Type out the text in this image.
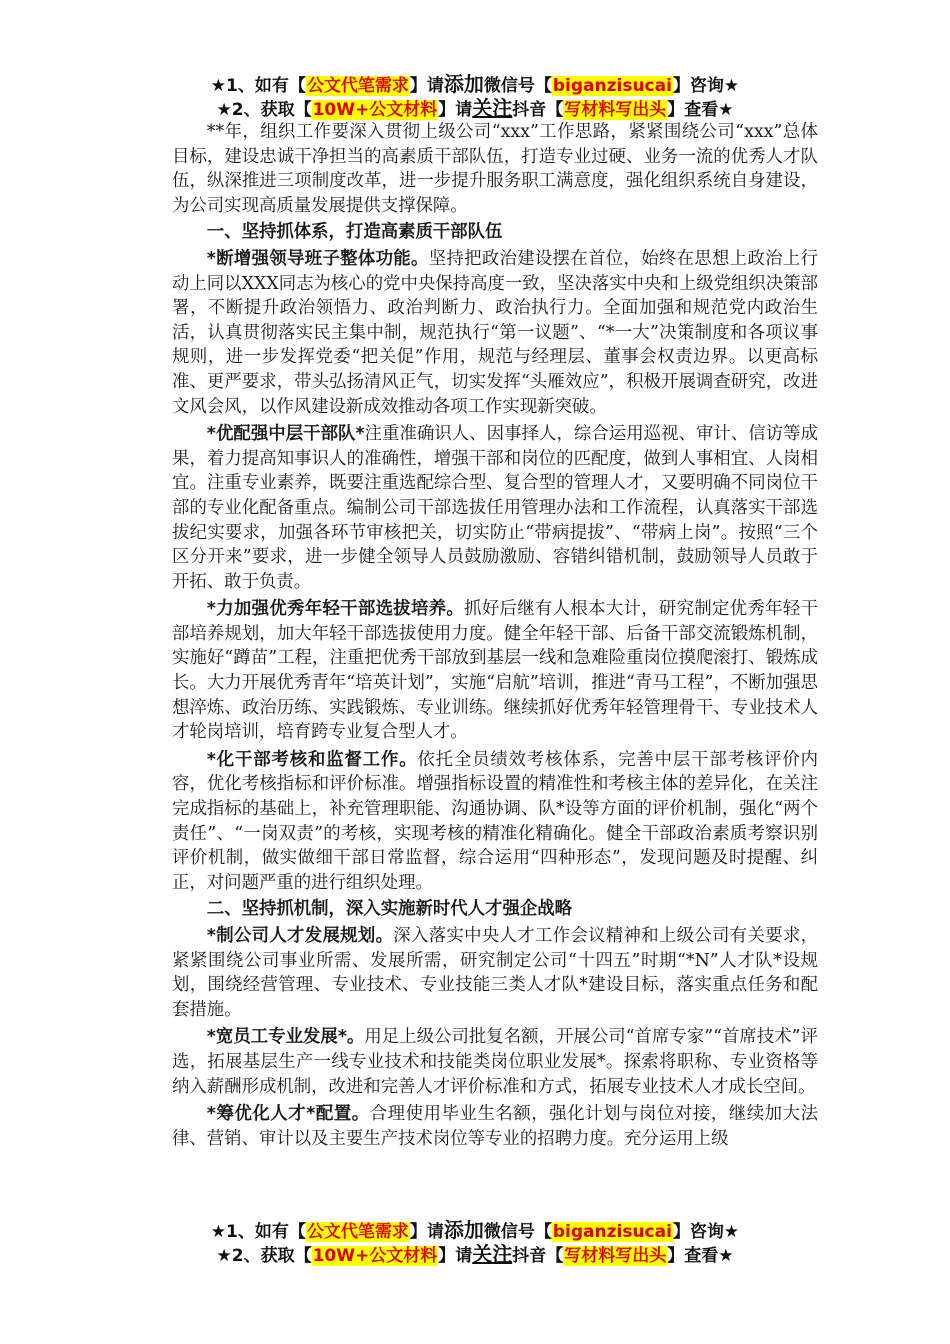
★1、如有【公文代笔需求】请添加微信号【biganzisucai】咨询★
★2、获取【10W+公文材料】请关注抖音【写材料写出头】查看★

**年，组织工作要深入贯彻上级公司“xxx”工作思路，紧紧围绕公司“xxx”总体目标，建设忠诚干净担当的高素质干部队伍，打造专业过硬、业务一流的优秀人才队伍，纵深推进三项制度改革，进一步提升服务职工满意度，强化组织系统自身建设，为公司实现高质量发展提供支撑保障。

一、坚持抓体系，打造高素质干部队伍

*断增强领导班子整体功能。坚持把政治建设摆在首位，始终在思想上政治上行动上同以XXX同志为核心的党中央保持高度一致，坚决落实中央和上级党组织决策部署，不断提升政治领悟力、政治判断力、政治执行力。全面加强和规范党内政治生活，认真贯彻落实民主集中制，规范执行“第一议题”、“*一大”决策制度和各项议事规则，进一步发挥党委“把关促”作用，规范与经理层、董事会权责边界。以更高标准、更严要求，带头弘扬清风正气，切实发挥“头雁效应”，积极开展调查研究，改进文风会风，以作风建设新成效推动各项工作实现新突破。

*优配强中层干部队*注重准确识人、因事择人，综合运用巡视、审计、信访等成果，着力提高知事识人的准确性，增强干部和岗位的匹配度，做到人事相宜、人岗相宜。注重专业素养，既要注重选配综合型、复合型的管理人才，又要明确不同岗位干部的专业化配备重点。编制公司干部选拔任用管理办法和工作流程，认真落实干部选拔纪实要求，加强各环节审核把关，切实防止“带病提拔”、“带病上岗”。按照“三个区分开来”要求，进一步健全领导人员鼓励激励、容错纠错机制，鼓励领导人员敢于开拓、敢于负责。

*力加强优秀年轻干部选拔培养。抓好后继有人根本大计，研究制定优秀年轻干部培养规划，加大年轻干部选拔使用力度。健全年轻干部、后备干部交流锻炼机制，实施好“蹲苗”工程，注重把优秀干部放到基层一线和急难险重岗位摸爬滚打、锻炼成长。大力开展优秀青年“培英计划”，实施“启航”培训，推进“青马工程”，不断加强思想淬炼、政治历练、实践锻炼、专业训练。继续抓好优秀年轻管理骨干、专业技术人才轮岗培训，培育跨专业复合型人才。

*化干部考核和监督工作。依托全员绩效考核体系，完善中层干部考核评价内容，优化考核指标和评价标准。增强指标设置的精准性和考核主体的差异化，在关注完成指标的基础上，补充管理职能、沟通协调、队*设等方面的评价机制，强化“两个责任”、“一岗双责”的考核，实现考核的精准化精确化。健全干部政治素质考察识别评价机制，做实做细干部日常监督，综合运用“四种形态”，发现问题及时提醒、纠正，对问题严重的进行组织处理。

二、坚持抓机制，深入实施新时代人才强企战略

*制公司人才发展规划。深入落实中央人才工作会议精神和上级公司有关要求，紧紧围绕公司事业所需、发展所需，研究制定公司“十四五”时期“*N”人才队*设规划，围绕经营管理、专业技术、专业技能三类人才队*建设目标，落实重点任务和配套措施。

*宽员工专业发展*。用足上级公司批复名额，开展公司“首席专家”“首席技术”评选，拓展基层生产一线专业技术和技能类岗位职业发展*。探索将职称、专业资格等纳入薪酬形成机制，改进和完善人才评价标准和方式，拓展专业技术人才成长空间。

*筹优化人才*配置。合理使用毕业生名额，强化计划与岗位对接，继续加大法律、营销、审计以及主要生产技术岗位等专业的招聘力度。充分运用上级

★1、如有【公文代笔需求】请添加微信号【biganzisucai】咨询★
★2、获取【10W+公文材料】请关注抖音【写材料写出头】查看★
